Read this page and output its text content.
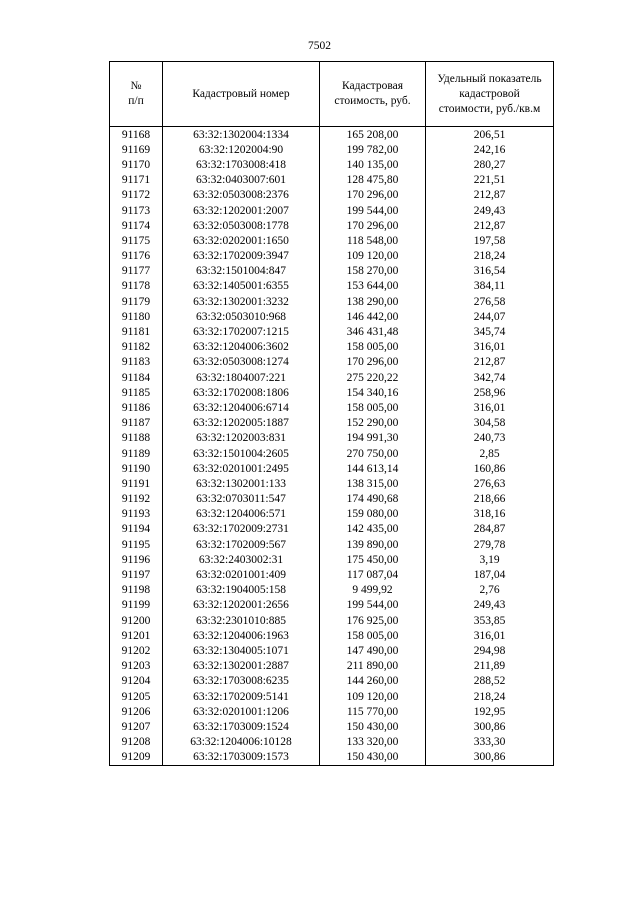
7502
№
п/п	Кадастровый номер	Кадастровая стоимость, руб.	Удельный показатель кадастровой стоимости, руб./кв.м
91168	63:32:1302004:1334	165 208,00	206,51
91169	63:32:1202004:90	199 782,00	242,16
91170	63:32:1703008:418	140 135,00	280,27
91171	63:32:0403007:601	128 475,80	221,51
91172	63:32:0503008:2376	170 296,00	212,87
91173	63:32:1202001:2007	199 544,00	249,43
91174	63:32:0503008:1778	170 296,00	212,87
91175	63:32:0202001:1650	118 548,00	197,58
91176	63:32:1702009:3947	109 120,00	218,24
91177	63:32:1501004:847	158 270,00	316,54
91178	63:32:1405001:6355	153 644,00	384,11
91179	63:32:1302001:3232	138 290,00	276,58
91180	63:32:0503010:968	146 442,00	244,07
91181	63:32:1702007:1215	346 431,48	345,74
91182	63:32:1204006:3602	158 005,00	316,01
91183	63:32:0503008:1274	170 296,00	212,87
91184	63:32:1804007:221	275 220,22	342,74
91185	63:32:1702008:1806	154 340,16	258,96
91186	63:32:1204006:6714	158 005,00	316,01
91187	63:32:1202005:1887	152 290,00	304,58
91188	63:32:1202003:831	194 991,30	240,73
91189	63:32:1501004:2605	270 750,00	2,85
91190	63:32:0201001:2495	144 613,14	160,86
91191	63:32:1302001:133	138 315,00	276,63
91192	63:32:0703011:547	174 490,68	218,66
91193	63:32:1204006:571	159 080,00	318,16
91194	63:32:1702009:2731	142 435,00	284,87
91195	63:32:1702009:567	139 890,00	279,78
91196	63:32:2403002:31	175 450,00	3,19
91197	63:32:0201001:409	117 087,04	187,04
91198	63:32:1904005:158	9 499,92	2,76
91199	63:32:1202001:2656	199 544,00	249,43
91200	63:32:2301010:885	176 925,00	353,85
91201	63:32:1204006:1963	158 005,00	316,01
91202	63:32:1304005:1071	147 490,00	294,98
91203	63:32:1302001:2887	211 890,00	211,89
91204	63:32:1703008:6235	144 260,00	288,52
91205	63:32:1702009:5141	109 120,00	218,24
91206	63:32:0201001:1206	115 770,00	192,95
91207	63:32:1703009:1524	150 430,00	300,86
91208	63:32:1204006:10128	133 320,00	333,30
91209	63:32:1703009:1573	150 430,00	300,86
